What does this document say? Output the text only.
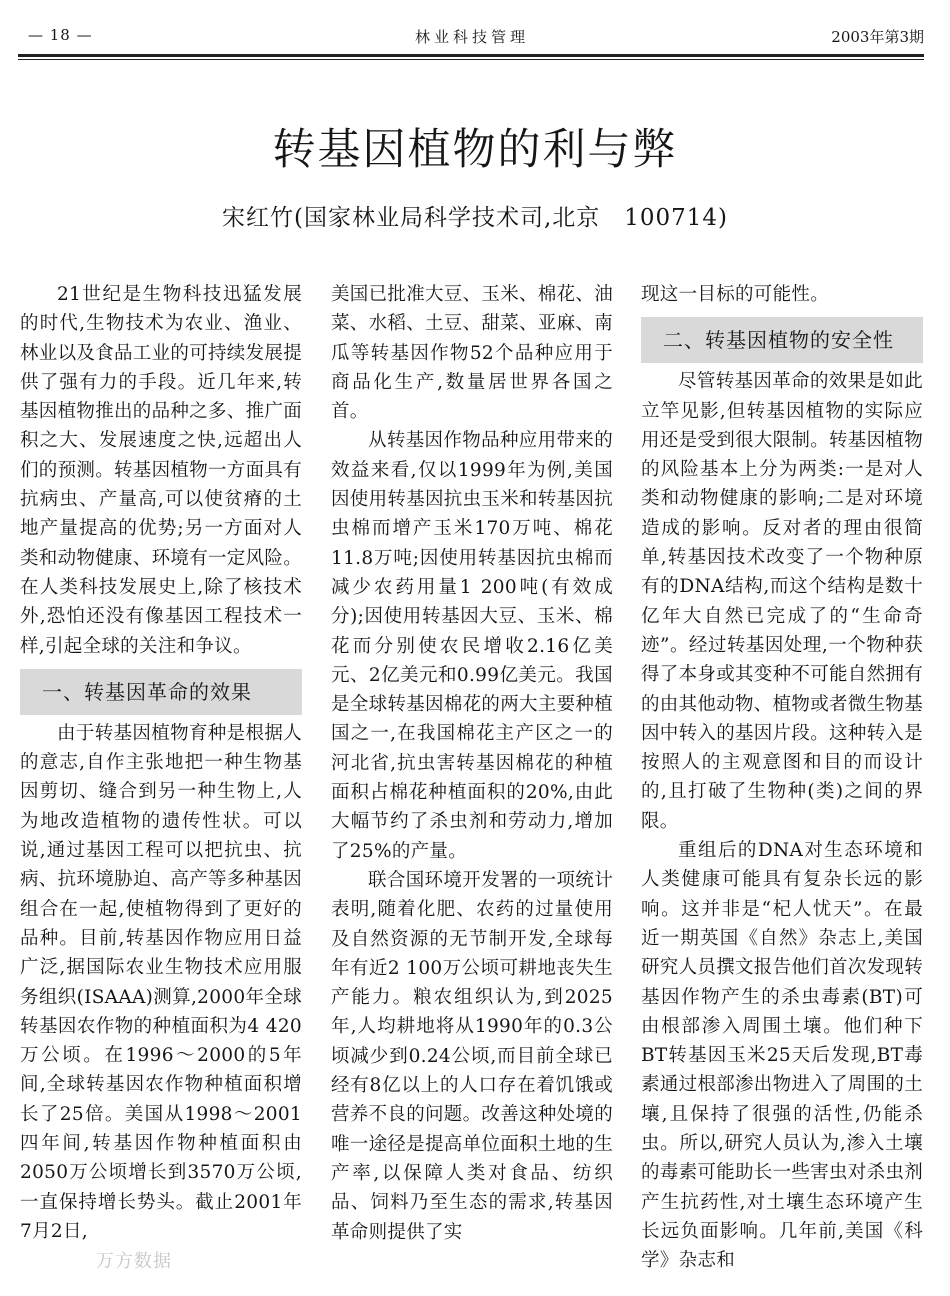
— 18 —	林业科技管理	2003年第3期
转基因植物的利与弊
宋红竹(国家林业局科学技术司,北京　100714)

21世纪是生物科技迅猛发展的时代,生物技术为农业、渔业、林业以及食品工业的可持续发展提供了强有力的手段。近几年来,转基因植物推出的品种之多、推广面积之大、发展速度之快,远超出人们的预测。转基因植物一方面具有抗病虫、产量高,可以使贫瘠的土地产量提高的优势;另一方面对人类和动物健康、环境有一定风险。在人类科技发展史上,除了核技术外,恐怕还没有像基因工程技术一样,引起全球的关注和争议。

一、转基因革命的效果

由于转基因植物育种是根据人的意志,自作主张地把一种生物基因剪切、缝合到另一种生物上,人为地改造植物的遗传性状。可以说,通过基因工程可以把抗虫、抗病、抗环境胁迫、高产等多种基因组合在一起,使植物得到了更好的品种。目前,转基因作物应用日益广泛,据国际农业生物技术应用服务组织(ISAAA)测算,2000年全球转基因农作物的种植面积为4 420万公顷。在1996～2000的5年间,全球转基因农作物种植面积增长了25倍。美国从1998～2001四年间,转基因作物种植面积由2050万公顷增长到3570万公顷,一直保持增长势头。截止2001年7月2日,

美国已批准大豆、玉米、棉花、油菜、水稻、土豆、甜菜、亚麻、南瓜等转基因作物52个品种应用于商品化生产,数量居世界各国之首。

从转基因作物品种应用带来的效益来看,仅以1999年为例,美国因使用转基因抗虫玉米和转基因抗虫棉而增产玉米170万吨、棉花11.8万吨;因使用转基因抗虫棉而减少农药用量1 200吨(有效成分);因使用转基因大豆、玉米、棉花而分别使农民增收2.16亿美元、2亿美元和0.99亿美元。我国是全球转基因棉花的两大主要种植国之一,在我国棉花主产区之一的河北省,抗虫害转基因棉花的种植面积占棉花种植面积的20%,由此大幅节约了杀虫剂和劳动力,增加了25%的产量。

联合国环境开发署的一项统计表明,随着化肥、农药的过量使用及自然资源的无节制开发,全球每年有近2 100万公顷可耕地丧失生产能力。粮农组织认为,到2025年,人均耕地将从1990年的0.3公顷减少到0.24公顷,而目前全球已经有8亿以上的人口存在着饥饿或营养不良的问题。改善这种处境的唯一途径是提高单位面积土地的生产率,以保障人类对食品、纺织品、饲料乃至生态的需求,转基因革命则提供了实

现这一目标的可能性。

二、转基因植物的安全性

尽管转基因革命的效果是如此立竿见影,但转基因植物的实际应用还是受到很大限制。转基因植物的风险基本上分为两类:一是对人类和动物健康的影响;二是对环境造成的影响。反对者的理由很简单,转基因技术改变了一个物种原有的DNA结构,而这个结构是数十亿年大自然已完成了的“生命奇迹”。经过转基因处理,一个物种获得了本身或其变种不可能自然拥有的由其他动物、植物或者微生物基因中转入的基因片段。这种转入是按照人的主观意图和目的而设计的,且打破了生物种(类)之间的界限。

重组后的DNA对生态环境和人类健康可能具有复杂长远的影响。这并非是“杞人忧天”。在最近一期英国《自然》杂志上,美国研究人员撰文报告他们首次发现转基因作物产生的杀虫毒素(BT)可由根部渗入周围土壤。他们种下BT转基因玉米25天后发现,BT毒素通过根部渗出物进入了周围的土壤,且保持了很强的活性,仍能杀虫。所以,研究人员认为,渗入土壤的毒素可能助长一些害虫对杀虫剂产生抗药性,对土壤生态环境产生长远负面影响。几年前,美国《科学》杂志和

万方数据
